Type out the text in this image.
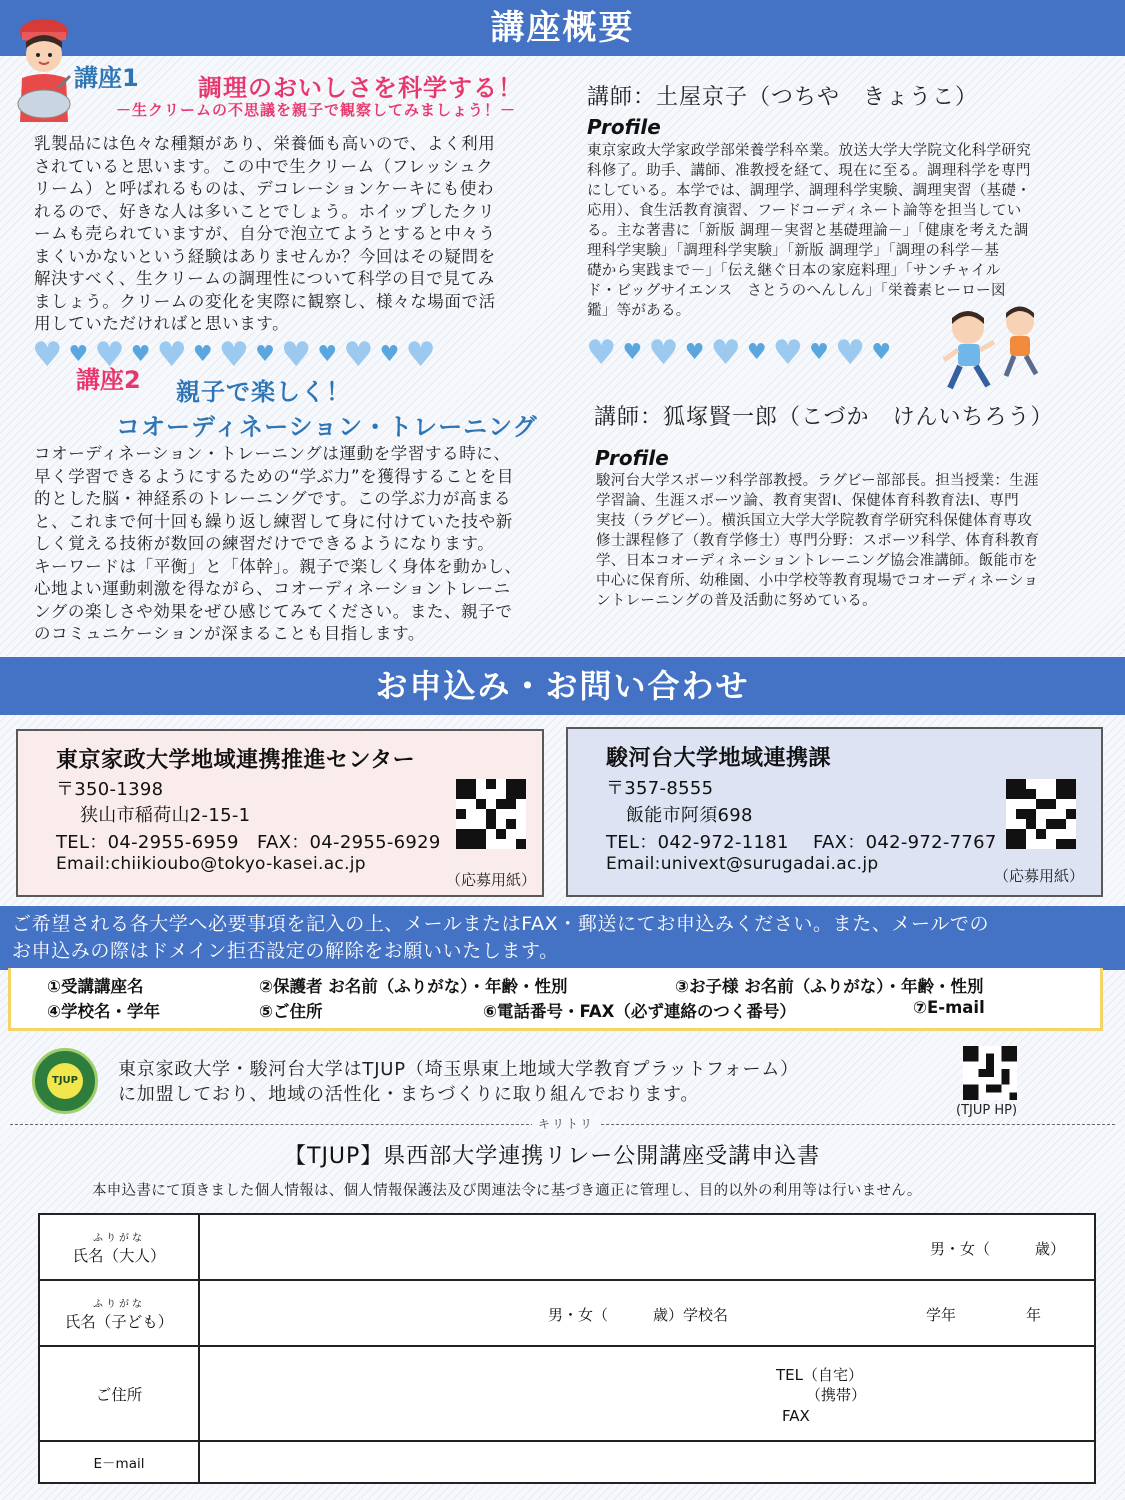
講座概要
講座1 調理のおいしさを科学する！
－生クリームの不思議を親子で観察してみましょう！－
乳製品には色々な種類があり、栄養価も高いので、よく利用
されていると思います。この中で生クリーム（フレッシュク
リーム）と呼ばれるものは、デコレーションケーキにも使わ
れるので、好きな人は多いことでしょう。ホイップしたクリ
ームも売られていますが、自分で泡立てようとすると中々う
まくいかないという経験はありませんか？今回はその疑問を
解決すべく、生クリームの調理性について科学の目で見てみ
ましょう。クリームの変化を実際に観察し、様々な場面で活
用していただければと思います。
講師：土屋京子（つちや　きょうこ）
Profile
東京家政大学家政学部栄養学科卒業。放送大学大学院文化科学研究
科修了。助手、講師、准教授を経て、現在に至る。調理科学を専門
にしている。本学では、調理学、調理科学実験、調理実習（基礎・
応用）、食生活教育演習、フードコーディネート論等を担当してい
る。主な著書に「新版 調理－実習と基礎理論－」「健康を考えた調
理科学実験」「調理科学実験」「新版 調理学」「調理の科学－基
礎から実践まで－」「伝え継ぐ日本の家庭料理」「サンチャイル
ド・ビッグサイエンス　さとうのへんしん」「栄養素ヒーロー図
鑑」等がある。
♥ ♥ ♥ ♥ ♥ ♥ ♥ ♥ ♥ ♥ ♥ ♥ ♥	♥ ♥ ♥ ♥ ♥ ♥ ♥ ♥ ♥ ♥
講座2 親子で楽しく！
コオーディネーション・トレーニング
コオーディネーション・トレーニングは運動を学習する時に、
早く学習できるようにするための“学ぶ力”を獲得することを目
的とした脳・神経系のトレーニングです。この学ぶ力が高まる
と、これまで何十回も繰り返し練習して身に付けていた技や新
しく覚える技術が数回の練習だけでできるようになります。
キーワードは「平衡」と「体幹」。親子で楽しく身体を動かし、
心地よい運動刺激を得ながら、コオーディネーショントレーニ
ングの楽しさや効果をぜひ感じてみてください。また、親子で
のコミュニケーションが深まることも目指します。
講師：狐塚賢一郎（こづか　けんいちろう）
Profile
駿河台大学スポーツ科学部教授。ラグビー部部長。担当授業：生涯
学習論、生涯スポーツ論、教育実習Ⅰ、保健体育科教育法Ⅰ、専門
実技（ラグビー）。横浜国立大学大学院教育学研究科保健体育専攻
修士課程修了（教育学修士）専門分野：スポーツ科学、体育科教育
学、日本コオーディネーショントレーニング協会准講師。飯能市を
中心に保育所、幼稚園、小中学校等教育現場でコオーディネーショ
ントレーニングの普及活動に努めている。
お申込み・お問い合わせ
東京家政大学地域連携推進センター
〒350-1398
狭山市稲荷山2-15-1
TEL：04-2955-6959　FAX：04-2955-6929
Email:chiikioubo@tokyo-kasei.ac.jp
（応募用紙）
駿河台大学地域連携課
〒357-8555
飯能市阿須698
TEL：042-972-1181　 FAX：042-972-7767
Email:univext@surugadai.ac.jp
（応募用紙）
ご希望される各大学へ必要事項を記入の上、メールまたはFAX・郵送にてお申込みください。また、メールでの
お申込みの際はドメイン拒否設定の解除をお願いいたします。
①受講講座名	②保護者 お名前（ふりがな）・年齢・性別	③お子様 お名前（ふりがな）・年齢・性別
④学校名・学年	⑤ご住所	⑥電話番号・FAX（必ず連絡のつく番号）	⑦E-mail
TJUP
東京家政大学・駿河台大学はTJUP（埼玉県東上地域大学教育プラットフォーム）
に加盟しており、地域の活性化・まちづくりに取り組んでおります。
(TJUP HP)
キリトリ
【TJUP】県西部大学連携リレー公開講座受講申込書
本申込書にて頂きました個人情報は、個人情報保護法及び関連法令に基づき適正に管理し、目的以外の利用等は行いません。
ふりがな
氏名（大人）	男・女（　　　歳）

ふりがな
氏名（子ども）	男・女（　　　歳）学校名 学年 年

ご住所	TEL（自宅）
（携帯）
FAX

E－mail	
